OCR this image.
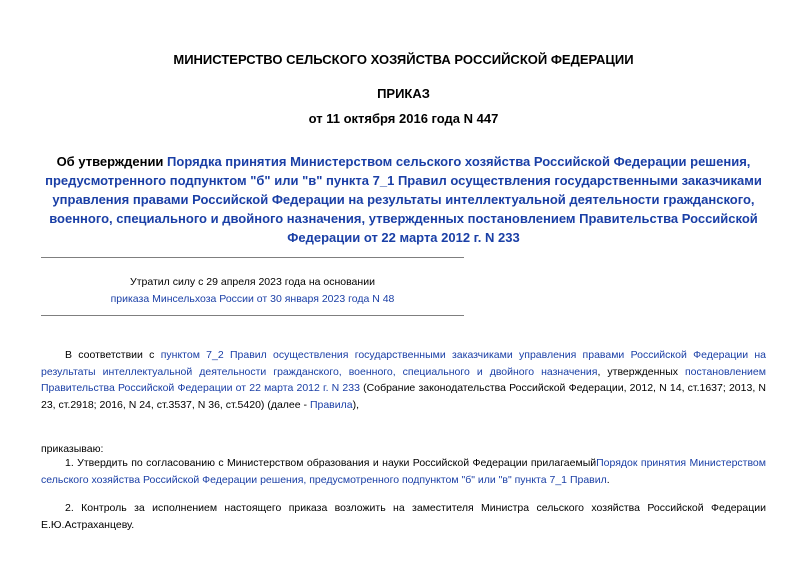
МИНИСТЕРСТВО СЕЛЬСКОГО ХОЗЯЙСТВА РОССИЙСКОЙ ФЕДЕРАЦИИ
ПРИКАЗ
от 11 октября 2016 года N 447
Об утверждении Порядка принятия Министерством сельского хозяйства Российской Федерации решения, предусмотренного подпунктом "б" или "в" пункта 7_1 Правил осуществления государственными заказчиками управления правами Российской Федерации на результаты интеллектуальной деятельности гражданского, военного, специального и двойного назначения, утвержденных постановлением Правительства Российской Федерации от 22 марта 2012 г. N 233
Утратил силу с 29 апреля 2023 года на основании
приказа Минсельхоза России от 30 января 2023 года N 48
В соответствии с пунктом 7_2 Правил осуществления государственными заказчиками управления правами Российской Федерации на результаты интеллектуальной деятельности гражданского, военного, специального и двойного назначения, утвержденных постановлением Правительства Российской Федерации от 22 марта 2012 г. N 233 (Собрание законодательства Российской Федерации, 2012, N 14, ст.1637; 2013, N 23, ст.2918; 2016, N 24, ст.3537, N 36, ст.5420) (далее - Правила),
приказываю:
1. Утвердить по согласованию с Министерством образования и науки Российской Федерации прилагаемыйПорядок принятия Министерством сельского хозяйства Российской Федерации решения, предусмотренного подпунктом "б" или "в" пункта 7_1 Правил.
2. Контроль за исполнением настоящего приказа возложить на заместителя Министра сельского хозяйства Российской Федерации Е.Ю.Астраханцеву.
